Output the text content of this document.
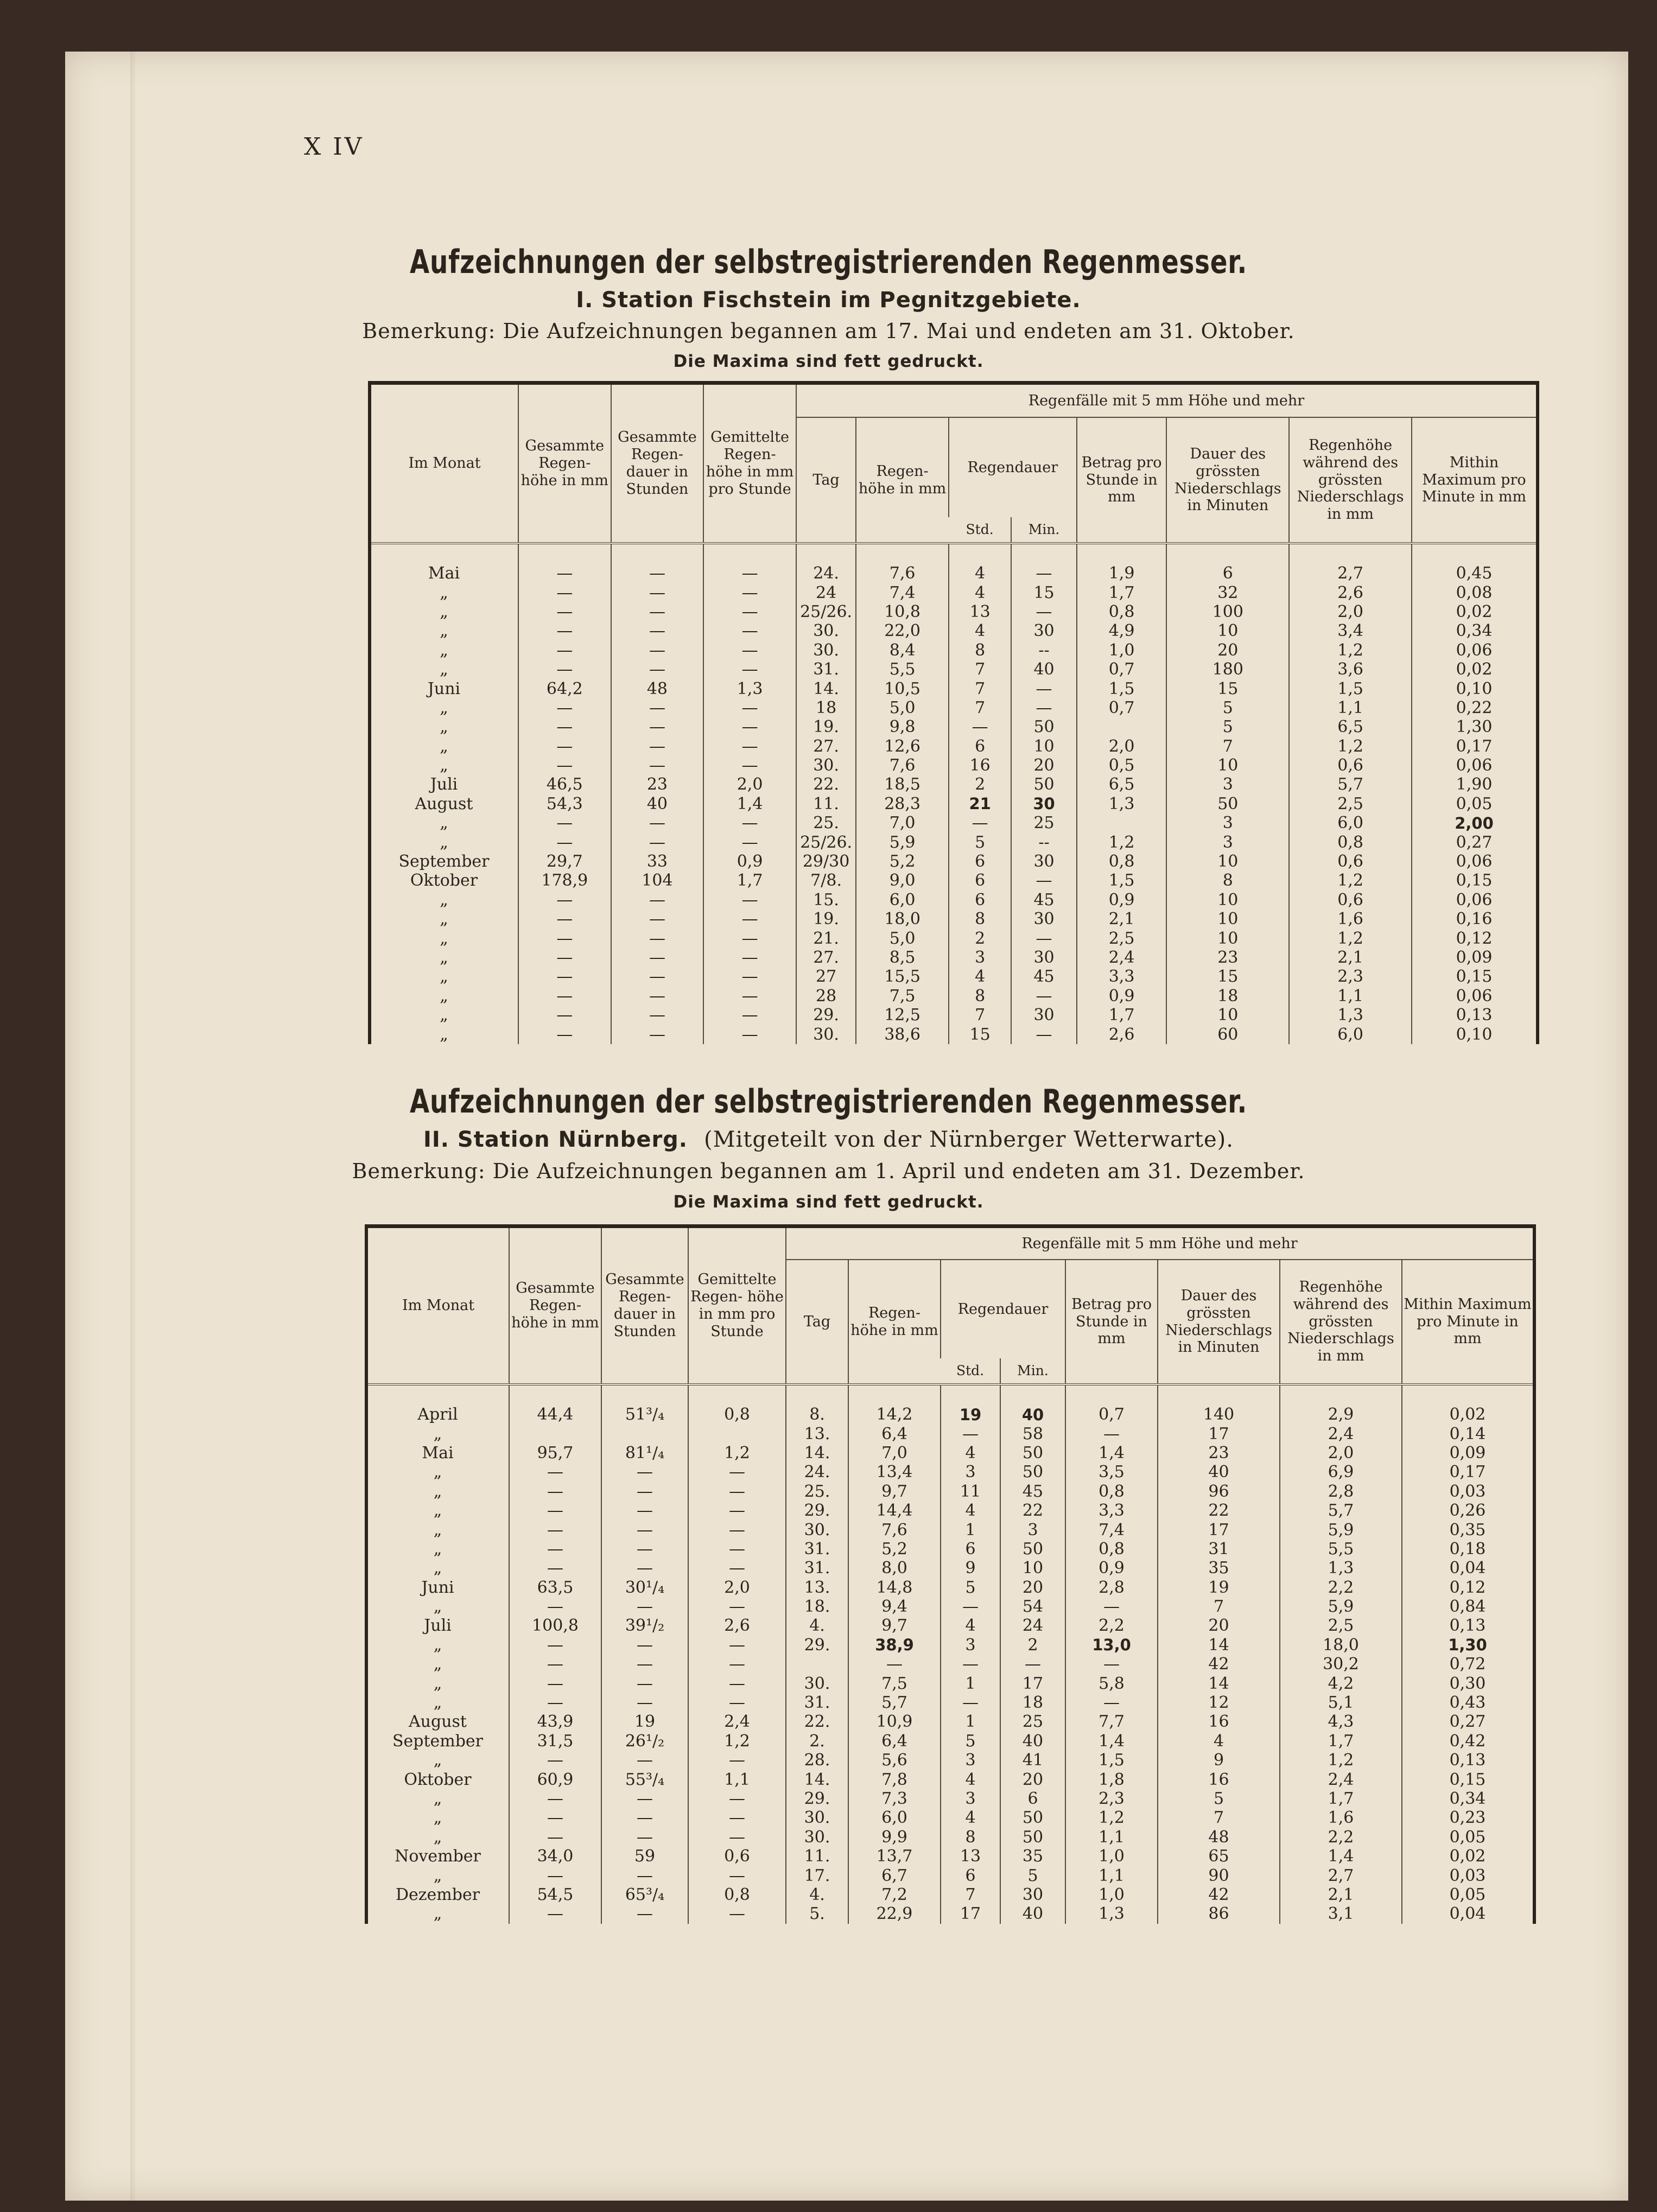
X IV
Aufzeichnungen der selbstregistrierenden Regenmesser.
I. Station Fischstein im Pegnitzgebiete.
Bemerkung: Die Aufzeichnungen begannen am 17. Mai und endeten am 31. Oktober.
Die Maxima sind fett gedruckt.
Im Monat	Gesammte Regen- höhe in mm	Gesammte Regen- dauer in Stunden	Gemittelte Regen- höhe in mm pro Stunde	Regenfälle mit 5 mm Höhe und mehr							
				Tag	Regen- höhe in mm	Regendauer		Betrag pro Stunde in mm	Dauer des grössten Niederschlags in Minuten	Regenhöhe während des grössten Niederschlags in mm	Mithin Maximum pro Minute in mm
						Std.	Min.				

Mai	—	—	—	24.	7,6	4	—	1,9	6	2,7	0,45
„	—	—	—	24	7,4	4	15	1,7	32	2,6	0,08
„	—	—	—	25/26.	10,8	13	—	0,8	100	2,0	0,02
„	—	—	—	30.	22,0	4	30	4,9	10	3,4	0,34
„	—	—	—	30.	8,4	8	--	1,0	20	1,2	0,06
„	—	—	—	31.	5,5	7	40	0,7	180	3,6	0,02
Juni	64,2	48	1,3	14.	10,5	7	—	1,5	15	1,5	0,10
„	—	—	—	18	5,0	7	—	0,7	5	1,1	0,22
„	—	—	—	19.	9,8	—	50		5	6,5	1,30
„	—	—	—	27.	12,6	6	10	2,0	7	1,2	0,17
„	—	—	—	30.	7,6	16	20	0,5	10	0,6	0,06
Juli	46,5	23	2,0	22.	18,5	2	50	6,5	3	5,7	1,90
August	54,3	40	1,4	11.	28,3	21	30	1,3	50	2,5	0,05
„	—	—	—	25.	7,0	—	25		3	6,0	2,00
„	—	—	—	25/26.	5,9	5	--	1,2	3	0,8	0,27
September	29,7	33	0,9	29/30	5,2	6	30	0,8	10	0,6	0,06
Oktober	178,9	104	1,7	7/8.	9,0	6	—	1,5	8	1,2	0,15
„	—	—	—	15.	6,0	6	45	0,9	10	0,6	0,06
„	—	—	—	19.	18,0	8	30	2,1	10	1,6	0,16
„	—	—	—	21.	5,0	2	—	2,5	10	1,2	0,12
„	—	—	—	27.	8,5	3	30	2,4	23	2,1	0,09
„	—	—	—	27	15,5	4	45	3,3	15	2,3	0,15
„	—	—	—	28	7,5	8	—	0,9	18	1,1	0,06
„	—	—	—	29.	12,5	7	30	1,7	10	1,3	0,13
„	—	—	—	30.	38,6	15	—	2,6	60	6,0	0,10
Aufzeichnungen der selbstregistrierenden Regenmesser.
II. Station Nürnberg. (Mitgeteilt von der Nürnberger Wetterwarte).
Bemerkung: Die Aufzeichnungen begannen am 1. April und endeten am 31. Dezember.
Die Maxima sind fett gedruckt.
Im Monat	Gesammte Regen- höhe in mm	Gesammte Regen- dauer in Stunden	Gemittelte Regen- höhe in mm pro Stunde	Regenfälle mit 5 mm Höhe und mehr							
				Tag	Regen- höhe in mm	Regendauer		Betrag pro Stunde in mm	Dauer des grössten Niederschlags in Minuten	Regenhöhe während des grössten Niederschlags in mm	Mithin Maximum pro Minute in mm
						Std.	Min.				

April	44,4	51³/₄	0,8	8.	14,2	19	40	0,7	140	2,9	0,02
„				13.	6,4	—	58	—	17	2,4	0,14
Mai	95,7	81¹/₄	1,2	14.	7,0	4	50	1,4	23	2,0	0,09
„	—	—	—	24.	13,4	3	50	3,5	40	6,9	0,17
„	—	—	—	25.	9,7	11	45	0,8	96	2,8	0,03
„	—	—	—	29.	14,4	4	22	3,3	22	5,7	0,26
„	—	—	—	30.	7,6	1	3	7,4	17	5,9	0,35
„	—	—	—	31.	5,2	6	50	0,8	31	5,5	0,18
„	—	—	—	31.	8,0	9	10	0,9	35	1,3	0,04
Juni	63,5	30¹/₄	2,0	13.	14,8	5	20	2,8	19	2,2	0,12
„	—	—	—	18.	9,4	—	54	—	7	5,9	0,84
Juli	100,8	39¹/₂	2,6	4.	9,7	4	24	2,2	20	2,5	0,13
„	—	—	—	29.	38,9	3	2	13,0	14	18,0	1,30
„	—	—	—		—	—	—	—	42	30,2	0,72
„	—	—	—	30.	7,5	1	17	5,8	14	4,2	0,30
„	—	—	—	31.	5,7	—	18	—	12	5,1	0,43
August	43,9	19	2,4	22.	10,9	1	25	7,7	16	4,3	0,27
September	31,5	26¹/₂	1,2	2.	6,4	5	40	1,4	4	1,7	0,42
„	—	—	—	28.	5,6	3	41	1,5	9	1,2	0,13
Oktober	60,9	55³/₄	1,1	14.	7,8	4	20	1,8	16	2,4	0,15
„	—	—	—	29.	7,3	3	6	2,3	5	1,7	0,34
„	—	—	—	30.	6,0	4	50	1,2	7	1,6	0,23
„	—	—	—	30.	9,9	8	50	1,1	48	2,2	0,05
November	34,0	59	0,6	11.	13,7	13	35	1,0	65	1,4	0,02
„	—	—	—	17.	6,7	6	5	1,1	90	2,7	0,03
Dezember	54,5	65³/₄	0,8	4.	7,2	7	30	1,0	42	2,1	0,05
„	—	—	—	5.	22,9	17	40	1,3	86	3,1	0,04
